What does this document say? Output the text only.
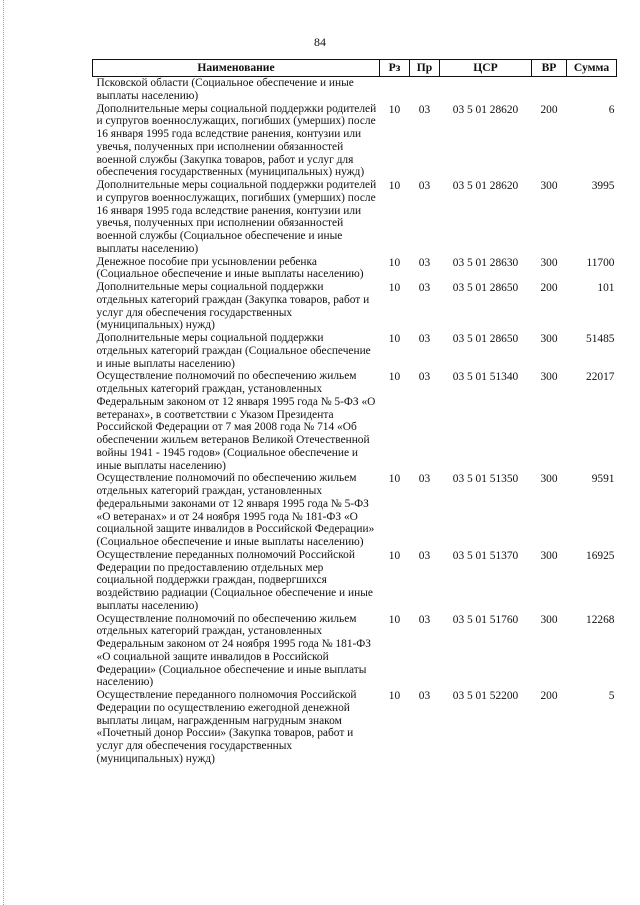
84
Наименование	Рз	Пр	ЦСР	ВР	Сумма
Псковской области (Социальное обеспечение и иные выплаты населению)					
Дополнительные меры социальной поддержки родителей и супругов военнослужащих, погибших (умерших) после 16 января 1995 года вследствие ранения, контузии или увечья, полученных при исполнении обязанностей военной службы (Закупка товаров, работ и услуг для обеспечения государственных (муниципальных) нужд)	10	03	03 5 01 28620	200	6
Дополнительные меры социальной поддержки родителей и супругов военнослужащих, погибших (умерших) после 16 января 1995 года вследствие ранения, контузии или увечья, полученных при исполнении обязанностей военной службы (Социальное обеспечение и иные выплаты населению)	10	03	03 5 01 28620	300	3995
Денежное пособие при усыновлении ребенка (Социальное обеспечение и иные выплаты населению)	10	03	03 5 01 28630	300	11700
Дополнительные меры социальной поддержки отдельных категорий граждан (Закупка товаров, работ и услуг для обеспечения государственных (муниципальных) нужд)	10	03	03 5 01 28650	200	101
Дополнительные меры социальной поддержки отдельных категорий граждан (Социальное обеспечение и иные выплаты населению)	10	03	03 5 01 28650	300	51485
Осуществление полномочий по обеспечению жильем отдельных категорий граждан, установленных Федеральным законом от 12 января 1995 года № 5-ФЗ «О ветеранах», в соответствии с Указом Президента Российской Федерации от 7 мая 2008 года № 714 «Об обеспечении жильем ветеранов Великой Отечественной войны 1941 - 1945 годов» (Социальное обеспечение и иные выплаты населению)	10	03	03 5 01 51340	300	22017
Осуществление полномочий по обеспечению жильем отдельных категорий граждан, установленных федеральными законами от 12 января 1995 года № 5-ФЗ «О ветеранах» и от 24 ноября 1995 года № 181-ФЗ «О социальной защите инвалидов в Российской Федерации» (Социальное обеспечение и иные выплаты населению)	10	03	03 5 01 51350	300	9591
Осуществление переданных полномочий Российской Федерации по предоставлению отдельных мер социальной поддержки граждан, подвергшихся воздействию радиации (Социальное обеспечение и иные выплаты населению)	10	03	03 5 01 51370	300	16925
Осуществление полномочий по обеспечению жильем отдельных категорий граждан, установленных Федеральным законом от 24 ноября 1995 года № 181-ФЗ «О социальной защите инвалидов в Российской Федерации» (Социальное обеспечение и иные выплаты населению)	10	03	03 5 01 51760	300	12268
Осуществление переданного полномочия Российской Федерации по осуществлению ежегодной денежной выплаты лицам, награжденным нагрудным знаком «Почетный донор России» (Закупка товаров, работ и услуг для обеспечения государственных (муниципальных) нужд)	10	03	03 5 01 52200	200	5
